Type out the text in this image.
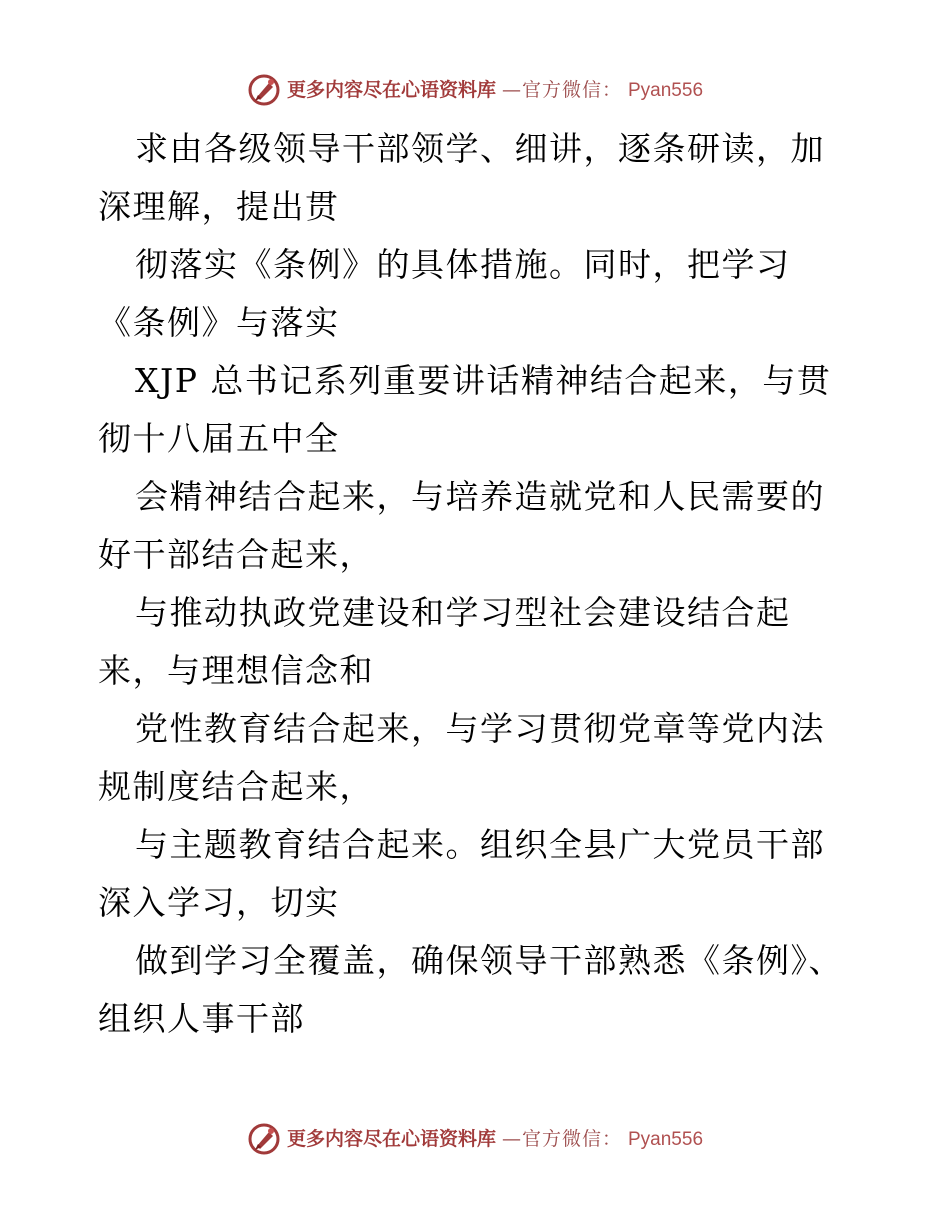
更多内容尽在心语资料库 —官方微信： Pyan556

求由各级领导干部领学、细讲，逐条研读，加深理解，提出贯

彻落实《条例》的具体措施。同时，把学习《条例》与落实

XJP 总书记系列重要讲话精神结合起来，与贯彻十八届五中全

会精神结合起来，与培养造就党和人民需要的好干部结合起来，

与推动执政党建设和学习型社会建设结合起来，与理想信念和

党性教育结合起来，与学习贯彻党章等党内法规制度结合起来，

与主题教育结合起来。组织全县广大党员干部深入学习，切实

做到学习全覆盖，确保领导干部熟悉《条例》、组织人事干部

更多内容尽在心语资料库 —官方微信： Pyan556
